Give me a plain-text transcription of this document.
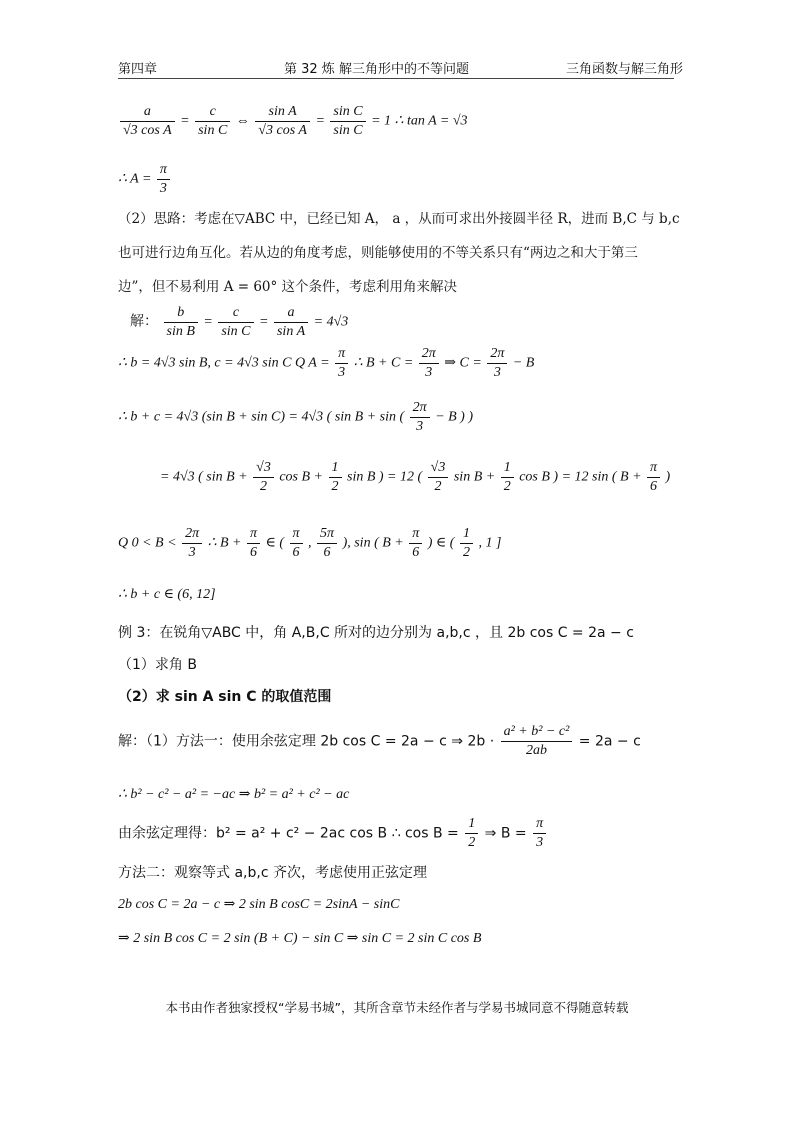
第四章	第 32 炼 解三角形中的不等问题	三角函数与解三角形
$\frac{a}{\text{√3 cos A}} = \frac{c}{\text{sin C}}$ ⇔ $\frac{\text{sin A}}{\text{√3 cos A}} = \frac{\text{sin C}}{\text{sin C}} = 1$ ∴ tan A = √3
∴ $A = \frac{\pi}{3}$
（2）思路：考虑在▽ABC 中，已经已知 A， a ，从而可求出外接圆半径 R，进而 B,C 与 b,c
也可进行边角互化。若从边的角度考虑，则能够使用的不等关系只有“两边之和大于第三
边”，但不易利用 A = 60° 这个条件，考虑利用角来解决
解： $\frac{b}{\text{sin B}} = \frac{c}{\text{sin C}} = \frac{a}{\text{sin A}} = 4√3$
∴ b = 4√3 sin B, c = 4√3 sin C Q $A = \frac{\pi}{3}$ ∴ $B + C = \frac{2\pi}{3}$ ⇒ $C = \frac{2\pi}{3} - B$
∴ b + c = 4√3 (sin B + sin C) = 4√3 ( sin B + sin ( $\frac{2\pi}{3} - B$ ) )
= 4√3 ( $\sin B + \frac{√3}{2}$ $\cos B + \frac{1}{2}$ sin B ) = 12 ( $\frac{√3}{2}$ $\sin B + \frac{1}{2}$ cos B ) = 12 sin ( $B + \frac{\pi}{6}$ )
Q $0 < B < \frac{2\pi}{3}$ ∴ $B + \frac{\pi}{6}$ ∈ ( $\frac{\pi}{6}$ , $\frac{5\pi}{6}$ ), sin ( $B + \frac{\pi}{6}$ ) ∈ ( $\frac{1}{2}$ , 1 ]
∴ b + c ∈ (6, 12]
例 3：在锐角▽ABC 中，角 A,B,C 所对的边分别为 a,b,c ，且 2b cos C = 2a − c
（1）求角 B
（2）求 sin A sin C 的取值范围
解：（1）方法一：使用余弦定理 2b cos C = 2a − c ⇒ $2b \cdot \frac{\text{a² + b² − c²}}{2ab} = 2a - c$
∴ b² − c² − a² = −ac ⇒ b² = a² + c² − ac
由余弦定理得：b² = a² + c² − 2ac cos B ∴ $\cos B = \frac{1}{2}$ ⇒ $B = \frac{\pi}{3}$
方法二：观察等式 a,b,c 齐次，考虑使用正弦定理
2b cos C = 2a − c ⇒ 2 sin B cosC = 2sinA − sinC
⇒ 2 sin B cos C = 2 sin (B + C) − sin C ⇒ sin C = 2 sin C cos B
本书由作者独家授权“学易书城”，其所含章节未经作者与学易书城同意不得随意转载
